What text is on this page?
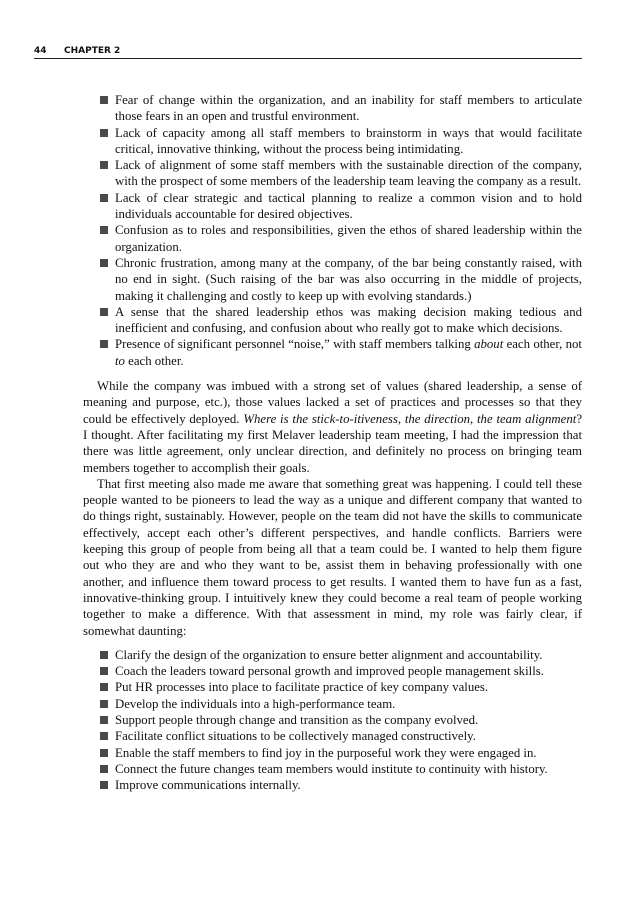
44 CHAPTER 2
Fear of change within the organization, and an inability for staff members to articulate those fears in an open and trustful environment.
Lack of capacity among all staff members to brainstorm in ways that would facilitate critical, innovative thinking, without the process being intimidating.
Lack of alignment of some staff members with the sustainable direction of the company, with the prospect of some members of the leadership team leaving the company as a result.
Lack of clear strategic and tactical planning to realize a common vision and to hold individuals accountable for desired objectives.
Confusion as to roles and responsibilities, given the ethos of shared leadership within the organization.
Chronic frustration, among many at the company, of the bar being constantly raised, with no end in sight. (Such raising of the bar was also occurring in the middle of projects, making it challenging and costly to keep up with evolving standards.)
A sense that the shared leadership ethos was making decision making tedious and inefficient and confusing, and confusion about who really got to make which decisions.
Presence of significant personnel “noise,” with staff members talking about each other, not to each other.

While the company was imbued with a strong set of values (shared leadership, a sense of meaning and purpose, etc.), those values lacked a set of practices and processes so that they could be effectively deployed. Where is the stick-to-itiveness, the direction, the team alignment? I thought. After facilitating my first Melaver leadership team meeting, I had the impression that there was little agreement, only unclear direction, and definitely no process on bringing team members together to accomplish their goals.

That first meeting also made me aware that something great was happening. I could tell these people wanted to be pioneers to lead the way as a unique and different company that wanted to do things right, sustainably. However, people on the team did not have the skills to communicate effectively, accept each other’s different perspectives, and handle conflicts. Barriers were keeping this group of people from being all that a team could be. I wanted to help them figure out who they are and who they want to be, assist them in behaving professionally with one another, and influence them toward process to get results. I wanted them to have fun as a fast, innovative-thinking group. I intuitively knew they could become a real team of people working together to make a difference. With that assessment in mind, my role was fairly clear, if somewhat daunting:

Clarify the design of the organization to ensure better alignment and accountability.
Coach the leaders toward personal growth and improved people management skills.
Put HR processes into place to facilitate practice of key company values.
Develop the individuals into a high-performance team.
Support people through change and transition as the company evolved.
Facilitate conflict situations to be collectively managed constructively.
Enable the staff members to find joy in the purposeful work they were engaged in.
Connect the future changes team members would institute to continuity with history.
Improve communications internally.
